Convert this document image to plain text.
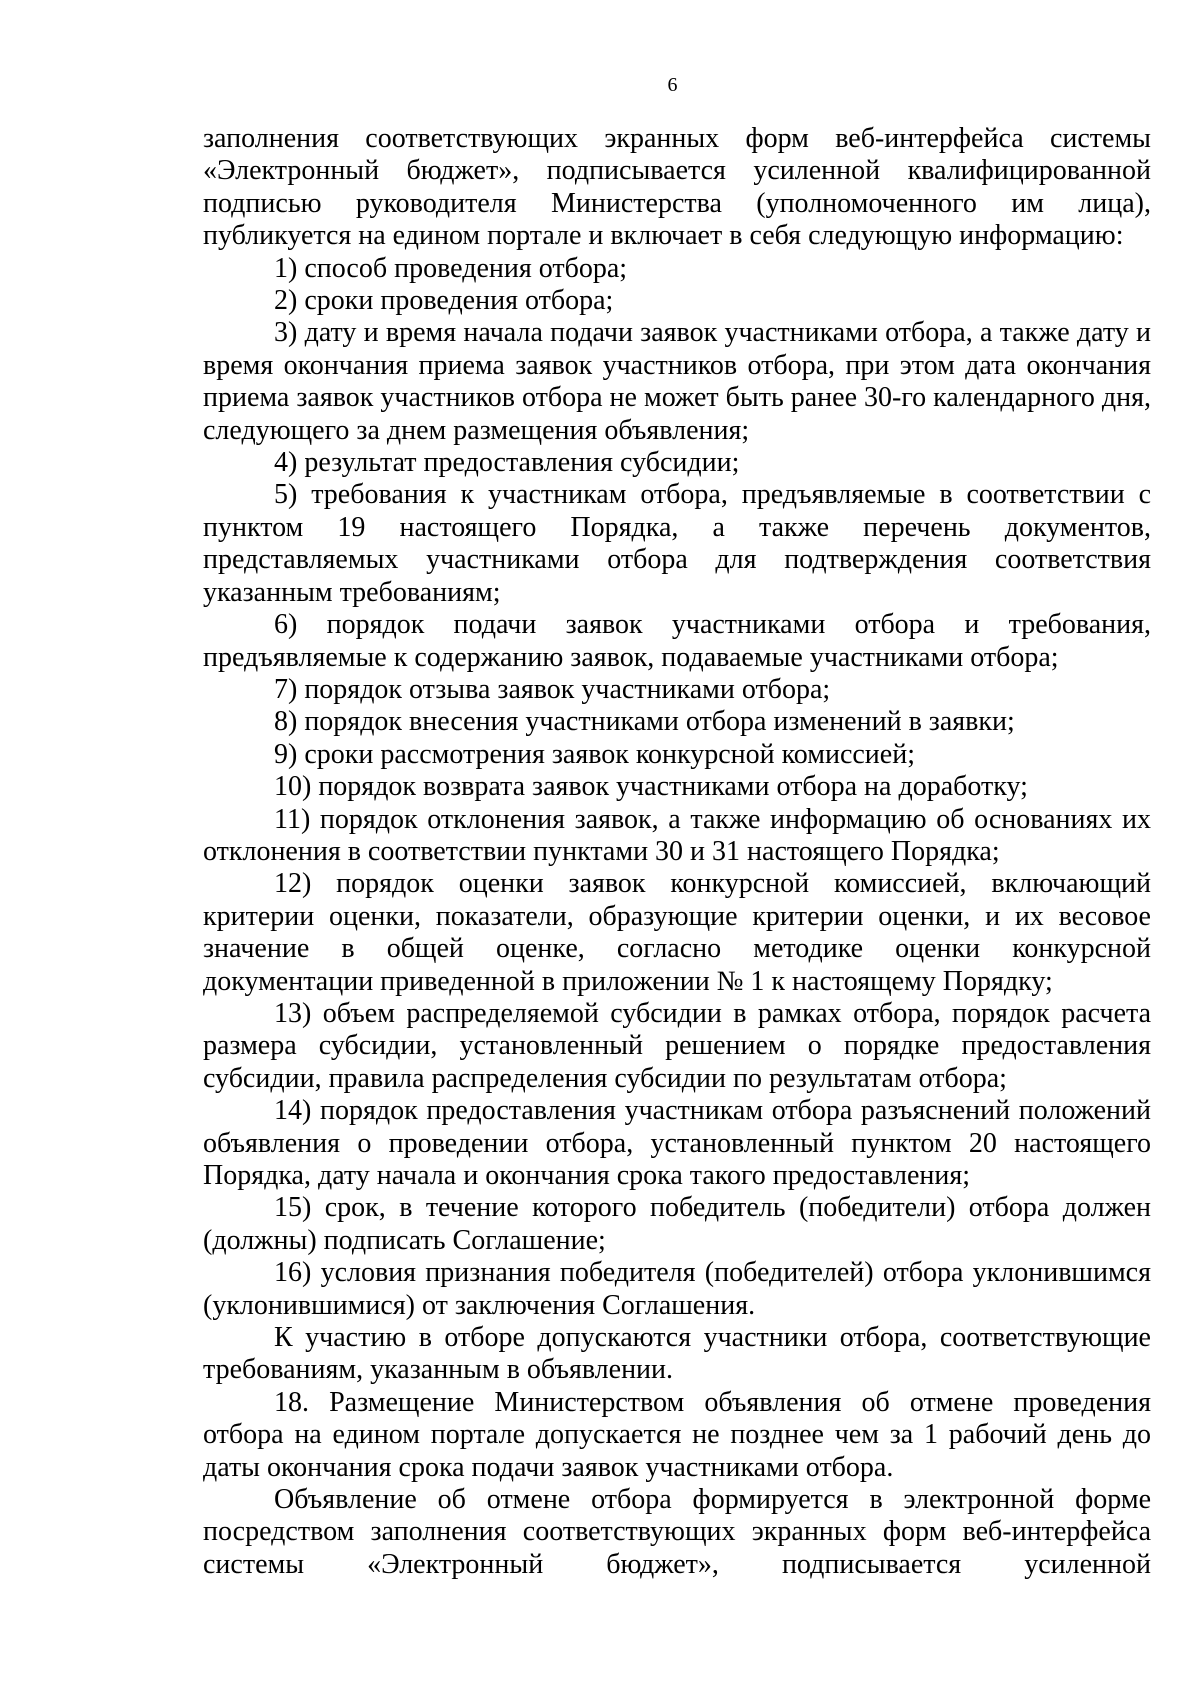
6

заполнения соответствующих экранных форм веб-интерфейса системы «Электронный бюджет», подписывается усиленной квалифицированной подписью руководителя Министерства (уполномоченного им лица), публикуется на едином портале и включает в себя следующую информацию:

1) способ проведения отбора;

2) сроки проведения отбора;

3) дату и время начала подачи заявок участниками отбора, а также дату и время окончания приема заявок участников отбора, при этом дата окончания приема заявок участников отбора не может быть ранее 30-го календарного дня, следующего за днем размещения объявления;

4) результат предоставления субсидии;

5) требования к участникам отбора, предъявляемые в соответствии с пунктом 19 настоящего Порядка, а также перечень документов, представляемых участниками отбора для подтверждения соответствия указанным требованиям;

6) порядок подачи заявок участниками отбора и требования, предъявляемые к содержанию заявок, подаваемые участниками отбора;

7) порядок отзыва заявок участниками отбора;

8) порядок внесения участниками отбора изменений в заявки;

9) сроки рассмотрения заявок конкурсной комиссией;

10) порядок возврата заявок участниками отбора на доработку;

11) порядок отклонения заявок, а также информацию об основаниях их отклонения в соответствии пунктами 30 и 31 настоящего Порядка;

12) порядок оценки заявок конкурсной комиссией, включающий критерии оценки, показатели, образующие критерии оценки, и их весовое значение в общей оценке, согласно методике оценки конкурсной документации приведенной в приложении № 1 к настоящему Порядку;

13) объем распределяемой субсидии в рамках отбора, порядок расчета размера субсидии, установленный решением о порядке предоставления субсидии, правила распределения субсидии по результатам отбора;

14) порядок предоставления участникам отбора разъяснений положений объявления о проведении отбора, установленный пунктом 20 настоящего Порядка, дату начала и окончания срока такого предоставления;

15) срок, в течение которого победитель (победители) отбора должен (должны) подписать Соглашение;

16) условия признания победителя (победителей) отбора уклонившимся (уклонившимися) от заключения Соглашения.

К участию в отборе допускаются участники отбора, соответствующие требованиям, указанным в объявлении.

18. Размещение Министерством объявления об отмене проведения отбора на едином портале допускается не позднее чем за 1 рабочий день до даты окончания срока подачи заявок участниками отбора.

Объявление об отмене отбора формируется в электронной форме посредством заполнения соответствующих экранных форм веб-интерфейса системы «Электронный бюджет», подписывается усиленной
